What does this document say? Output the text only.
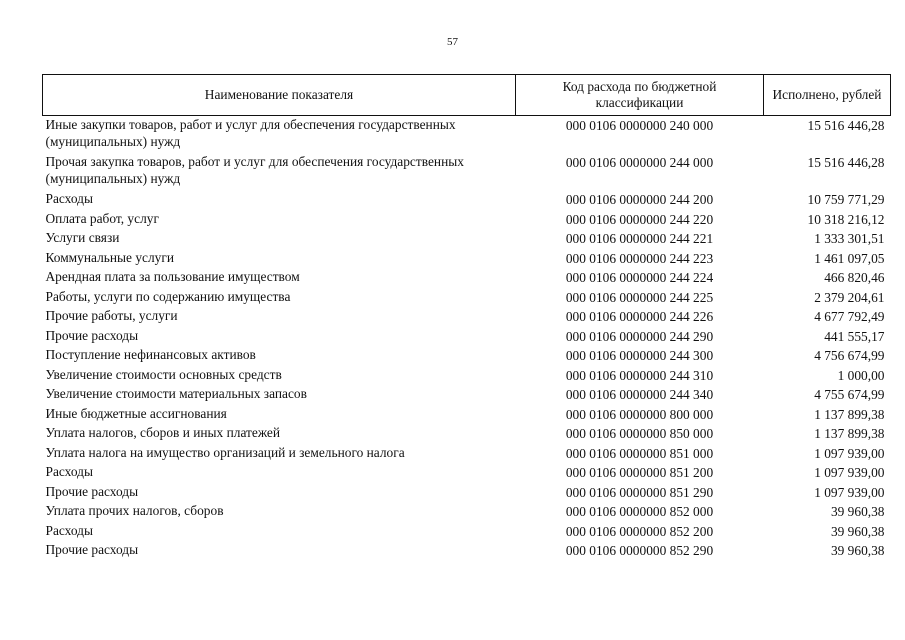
57
Наименование показателя	Код расхода по бюджетной классификации	Исполнено, рублей
Иные закупки товаров, работ и услуг для обеспечения государственных (муниципальных) нужд	000 0106 0000000 240 000	15 516 446,28
Прочая закупка товаров, работ и услуг для обеспечения государственных (муниципальных) нужд	000 0106 0000000 244 000	15 516 446,28
Расходы	000 0106 0000000 244 200	10 759 771,29
Оплата работ, услуг	000 0106 0000000 244 220	10 318 216,12
Услуги связи	000 0106 0000000 244 221	1 333 301,51
Коммунальные услуги	000 0106 0000000 244 223	1 461 097,05
Арендная плата за пользование имуществом	000 0106 0000000 244 224	466 820,46
Работы, услуги по содержанию имущества	000 0106 0000000 244 225	2 379 204,61
Прочие работы, услуги	000 0106 0000000 244 226	4 677 792,49
Прочие расходы	000 0106 0000000 244 290	441 555,17
Поступление нефинансовых активов	000 0106 0000000 244 300	4 756 674,99
Увеличение стоимости основных средств	000 0106 0000000 244 310	1 000,00
Увеличение стоимости материальных запасов	000 0106 0000000 244 340	4 755 674,99
Иные бюджетные ассигнования	000 0106 0000000 800 000	1 137 899,38
Уплата налогов, сборов и иных платежей	000 0106 0000000 850 000	1 137 899,38
Уплата налога на имущество организаций и земельного налога	000 0106 0000000 851 000	1 097 939,00
Расходы	000 0106 0000000 851 200	1 097 939,00
Прочие расходы	000 0106 0000000 851 290	1 097 939,00
Уплата прочих налогов, сборов	000 0106 0000000 852 000	39 960,38
Расходы	000 0106 0000000 852 200	39 960,38
Прочие расходы	000 0106 0000000 852 290	39 960,38
